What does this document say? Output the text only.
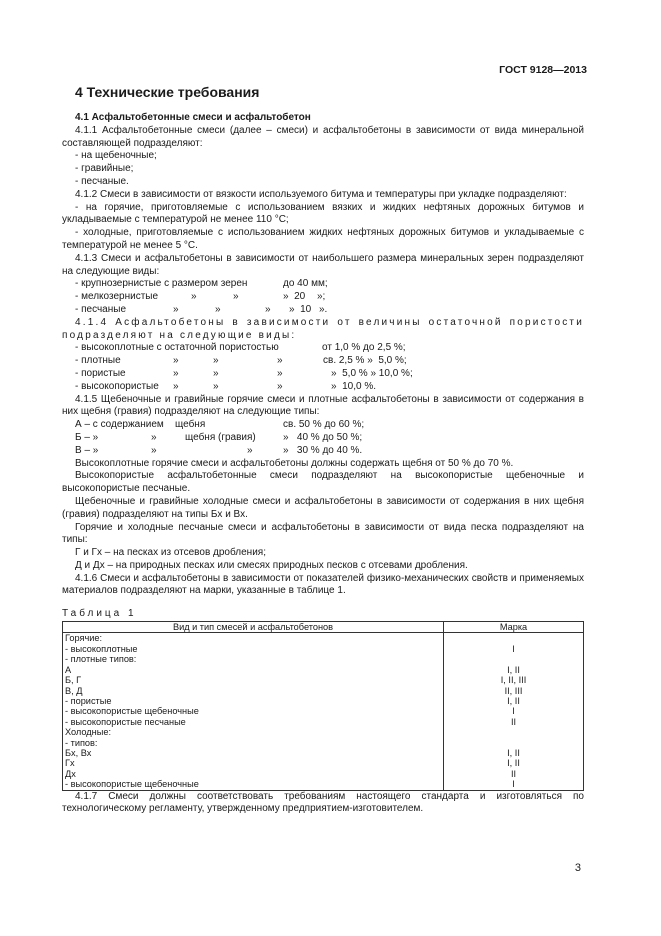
ГОСТ 9128—2013
4 Технические требования
4.1 Асфальтобетонные смеси и асфальтобетон
4.1.1 Асфальтобетонные смеси (далее – смеси) и асфальтобетоны в зависимости от вида минеральной составляющей подразделяют:
- на щебеночные;
- гравийные;
- песчаные.
4.1.2 Смеси в зависимости от вязкости используемого битума и температуры при укладке подразделяют:
- на горячие, приготовляемые с использованием вязких и жидких нефтяных дорожных битумов и укладываемые с температурой не менее 110 °С;
- холодные, приготовляемые с использованием жидких нефтяных дорожных битумов и укладываемые с температурой не менее 5 °С.
4.1.3 Смеси и асфальтобетоны в зависимости от наибольшего размера минеральных зерен подразделяют на следующие виды:
- крупнозернистые с размером зерен	до 40 мм;
- мелкозернистые	»	»	»  20	»;
- песчаные	»	»	»	»  10 ».
4.1.4 Асфальтобетоны в зависимости от величины остаточной пористости подразделяют на следующие виды:
- высокоплотные с остаточной пористостью	от 1,0 % до 2,5 %;
- плотные	»	»	»	св. 2,5 % »  5,0 %;
- пористые	»	»	»	»  5,0 % » 10,0 %;
- высокопористые	»	»	»	»  10,0 %.
4.1.5 Щебеночные и гравийные горячие смеси и плотные асфальтобетоны в зависимости от содержания в них щебня (гравия) подразделяют на следующие типы:
А – с содержанием	щебня	св. 50 % до 60 %;
Б – »	»	щебня (гравия)	»   40 % до 50 %;
В – »	»	»	»   30 % до 40 %.
Высокоплотные горячие смеси и асфальтобетоны должны содержать щебня от 50 % до 70 %.
Высокопористые асфальтобетонные смеси подразделяют на высокопористые щебеночные и высокопористые песчаные.
Щебеночные и гравийные холодные смеси и асфальтобетоны в зависимости от содержания в них щебня (гравия) подразделяют на типы Бх и Вх.
Горячие и холодные песчаные смеси и асфальтобетоны в зависимости от вида песка подразделяют на типы:
Г и Гх – на песках из отсевов дробления;
Д и Дх – на природных песках или смесях природных песков с отсевами дробления.
4.1.6 Смеси и асфальтобетоны в зависимости от показателей физико-механических свойств и применяемых материалов подразделяют на марки, указанные в таблице 1.
Таблица 1
Вид и тип смесей и асфальтобетонов	Марка
Горячие:	
- высокоплотные	I
- плотные типов:	
А	I, II
Б, Г	I, II, III
В, Д	II, III
- пористые	I, II
- высокопористые щебеночные	I
- высокопористые песчаные	II
Холодные:	
- типов:	
Бх, Вх	I, II
Гх	I, II
Дх	II
- высокопористые щебеночные	I
4.1.7 Смеси должны соответствовать требованиям настоящего стандарта и изготовляться по технологическому регламенту, утвержденному предприятием-изготовителем.
3
